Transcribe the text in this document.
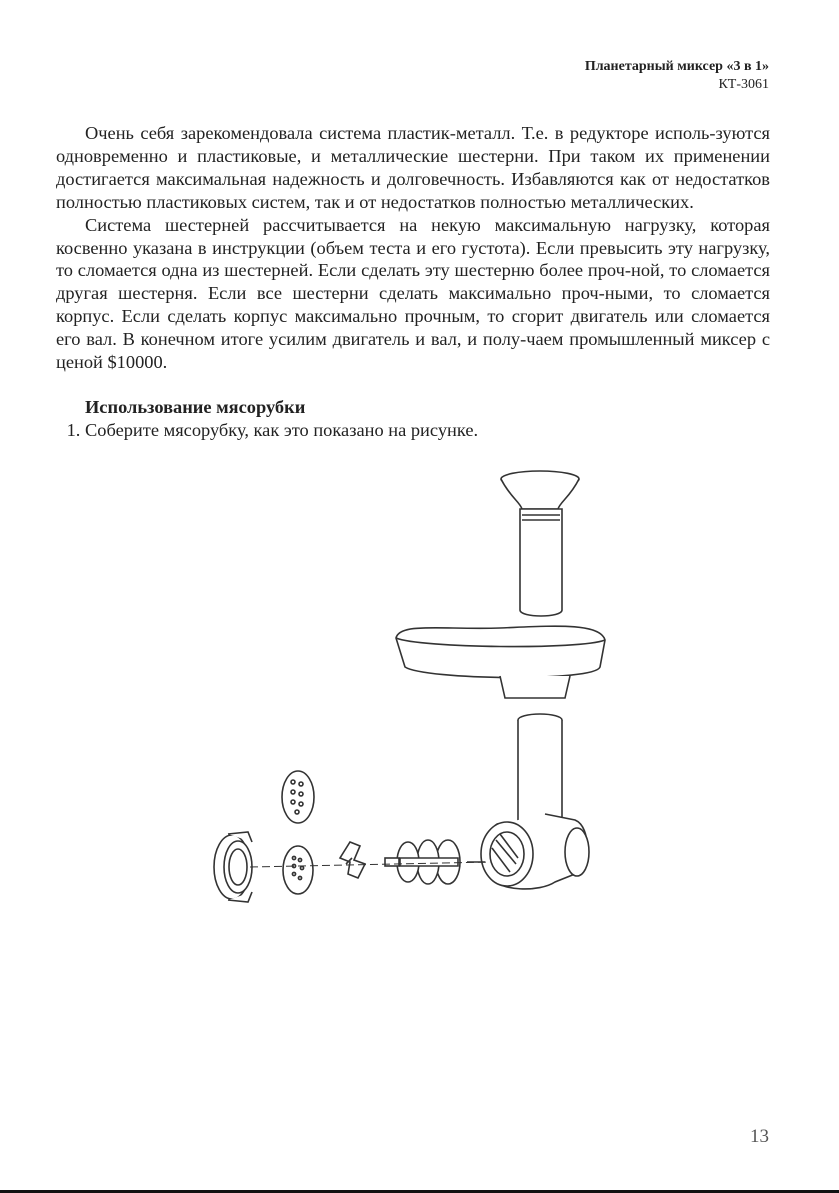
Планетарный миксер «3 в 1»
КТ-3061

Очень себя зарекомендовала система пластик-металл. Т.е. в редукторе исполь-зуются одновременно и пластиковые, и металлические шестерни. При таком их применении достигается максимальная надежность и долговечность. Избавляются как от недостатков полностью пластиковых систем, так и от недостатков полностью металлических.

Система шестерней рассчитывается на некую максимальную нагрузку, которая косвенно указана в инструкции (объем теста и его густота). Если превысить эту нагрузку, то сломается одна из шестерней. Если сделать эту шестерню более проч-ной, то сломается другая шестерня. Если все шестерни сделать максимально проч-ными, то сломается корпус. Если сделать корпус максимально прочным, то сгорит двигатель или сломается его вал. В конечном итоге усилим двигатель и вал, и полу-чаем промышленный миксер с ценой $10000.

Использование мясорубки
1. Соберите мясорубку, как это показано на рисунке.
13
